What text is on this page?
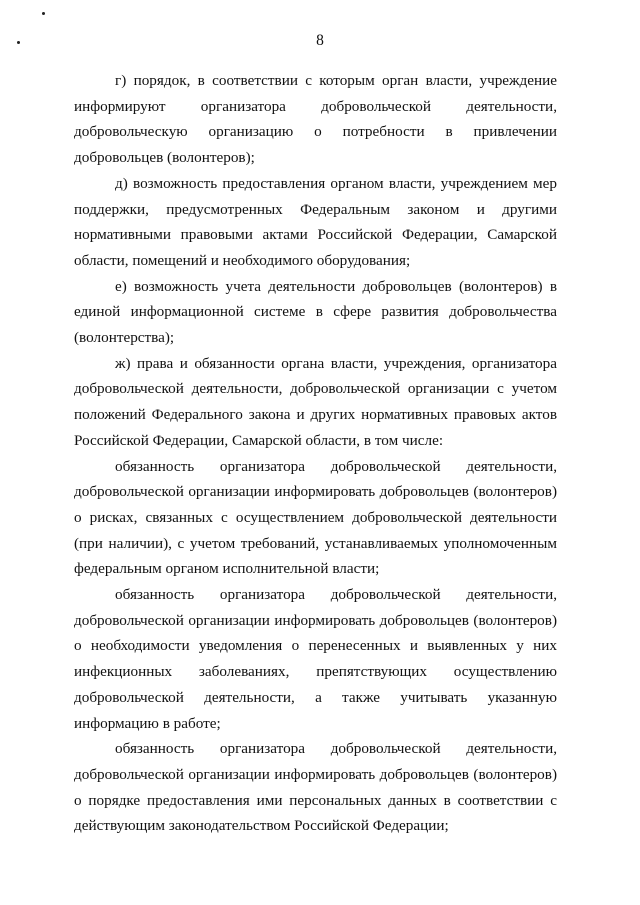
8

г) порядок, в соответствии с которым орган власти, учреждение информируют организатора добровольческой деятельности, добровольческую организацию о потребности в привлечении добровольцев (волонтеров);

д) возможность предоставления органом власти, учреждением мер поддержки, предусмотренных Федеральным законом и другими нормативными правовыми актами Российской Федерации, Самарской области, помещений и необходимого оборудования;

е) возможность учета деятельности добровольцев (волонтеров) в единой информационной системе в сфере развития добровольчества (волонтерства);

ж) права и обязанности органа власти, учреждения, организатора добровольческой деятельности, добровольческой организации с учетом положений Федерального закона и других нормативных правовых актов Российской Федерации, Самарской области, в том числе:

обязанность организатора добровольческой деятельности, добровольческой организации информировать добровольцев (волонтеров) о рисках, связанных с осуществлением добровольческой деятельности (при наличии), с учетом требований, устанавливаемых уполномоченным федеральным органом исполнительной власти;

обязанность организатора добровольческой деятельности, добровольческой организации информировать добровольцев (волонтеров) о необходимости уведомления о перенесенных и выявленных у них инфекционных заболеваниях, препятствующих осуществлению добровольческой деятельности, а также учитывать указанную информацию в работе;

обязанность организатора добровольческой деятельности, добровольческой организации информировать добровольцев (волонтеров) о порядке предоставления ими персональных данных в соответствии с действующим законодательством Российской Федерации;
